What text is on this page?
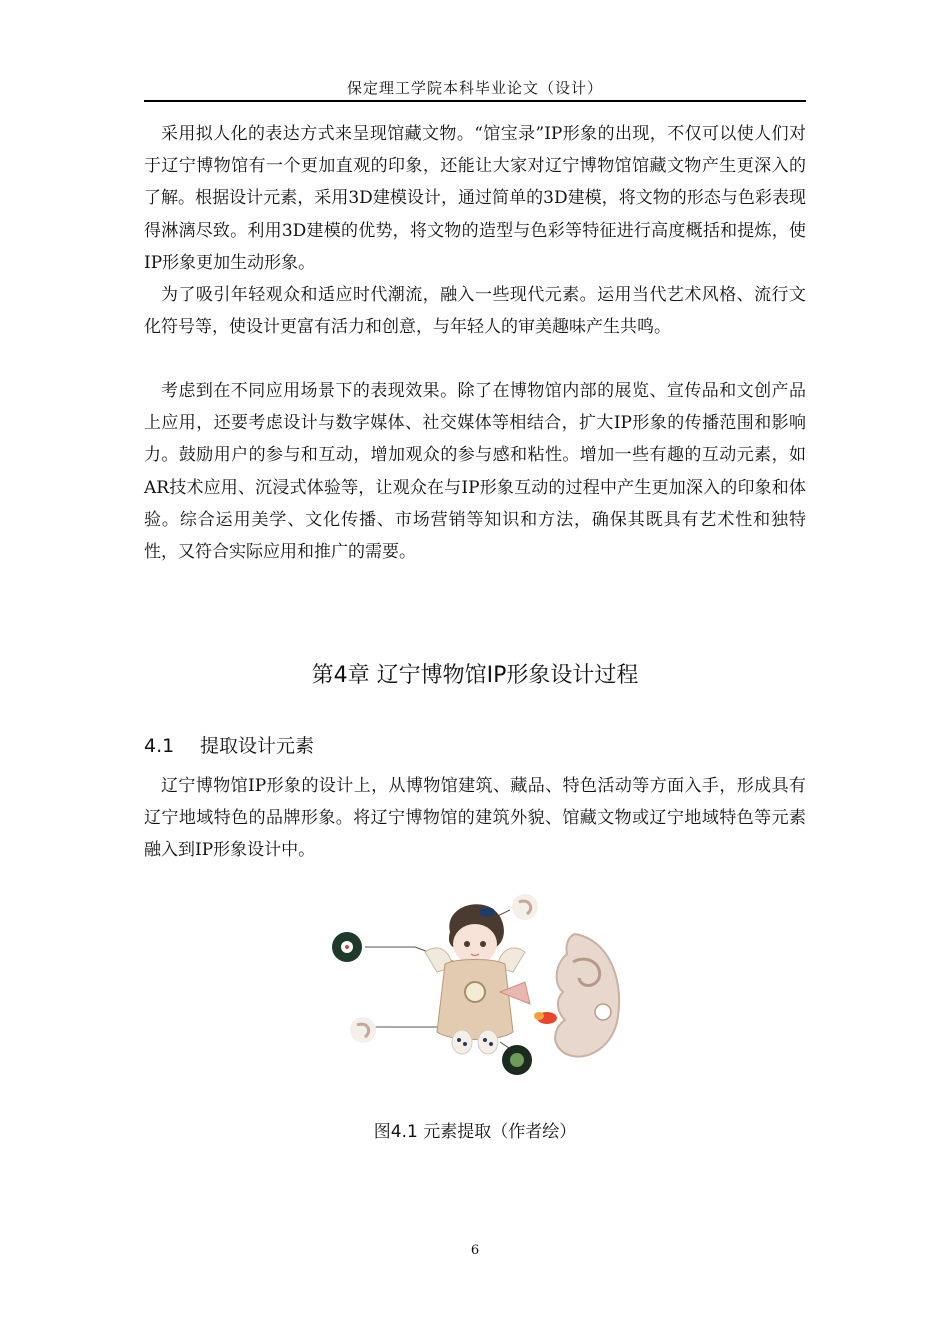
保定理工学院本科毕业论文（设计）

采用拟人化的表达方式来呈现馆藏文物。“馆宝录”IP形象的出现，不仅可以使人们对于辽宁博物馆有一个更加直观的印象，还能让大家对辽宁博物馆馆藏文物产生更深入的了解。根据设计元素，采用3D建模设计，通过简单的3D建模，将文物的形态与色彩表现得淋漓尽致。利用3D建模的优势，将文物的造型与色彩等特征进行高度概括和提炼，使IP形象更加生动形象。

为了吸引年轻观众和适应时代潮流，融入一些现代元素。运用当代艺术风格、流行文化符号等，使设计更富有活力和创意，与年轻人的审美趣味产生共鸣。

考虑到在不同应用场景下的表现效果。除了在博物馆内部的展览、宣传品和文创产品上应用，还要考虑设计与数字媒体、社交媒体等相结合，扩大IP形象的传播范围和影响力。鼓励用户的参与和互动，增加观众的参与感和粘性。增加一些有趣的互动元素，如AR技术应用、沉浸式体验等，让观众在与IP形象互动的过程中产生更加深入的印象和体验。综合运用美学、文化传播、市场营销等知识和方法，确保其既具有艺术性和独特性，又符合实际应用和推广的需要。

第4章 辽宁博物馆IP形象设计过程
4.1 提取设计元素

辽宁博物馆IP形象的设计上，从博物馆建筑、藏品、特色活动等方面入手，形成具有辽宁地域特色的品牌形象。将辽宁博物馆的建筑外貌、馆藏文物或辽宁地域特色等元素融入到IP形象设计中。

图4.1 元素提取（作者绘）
6
